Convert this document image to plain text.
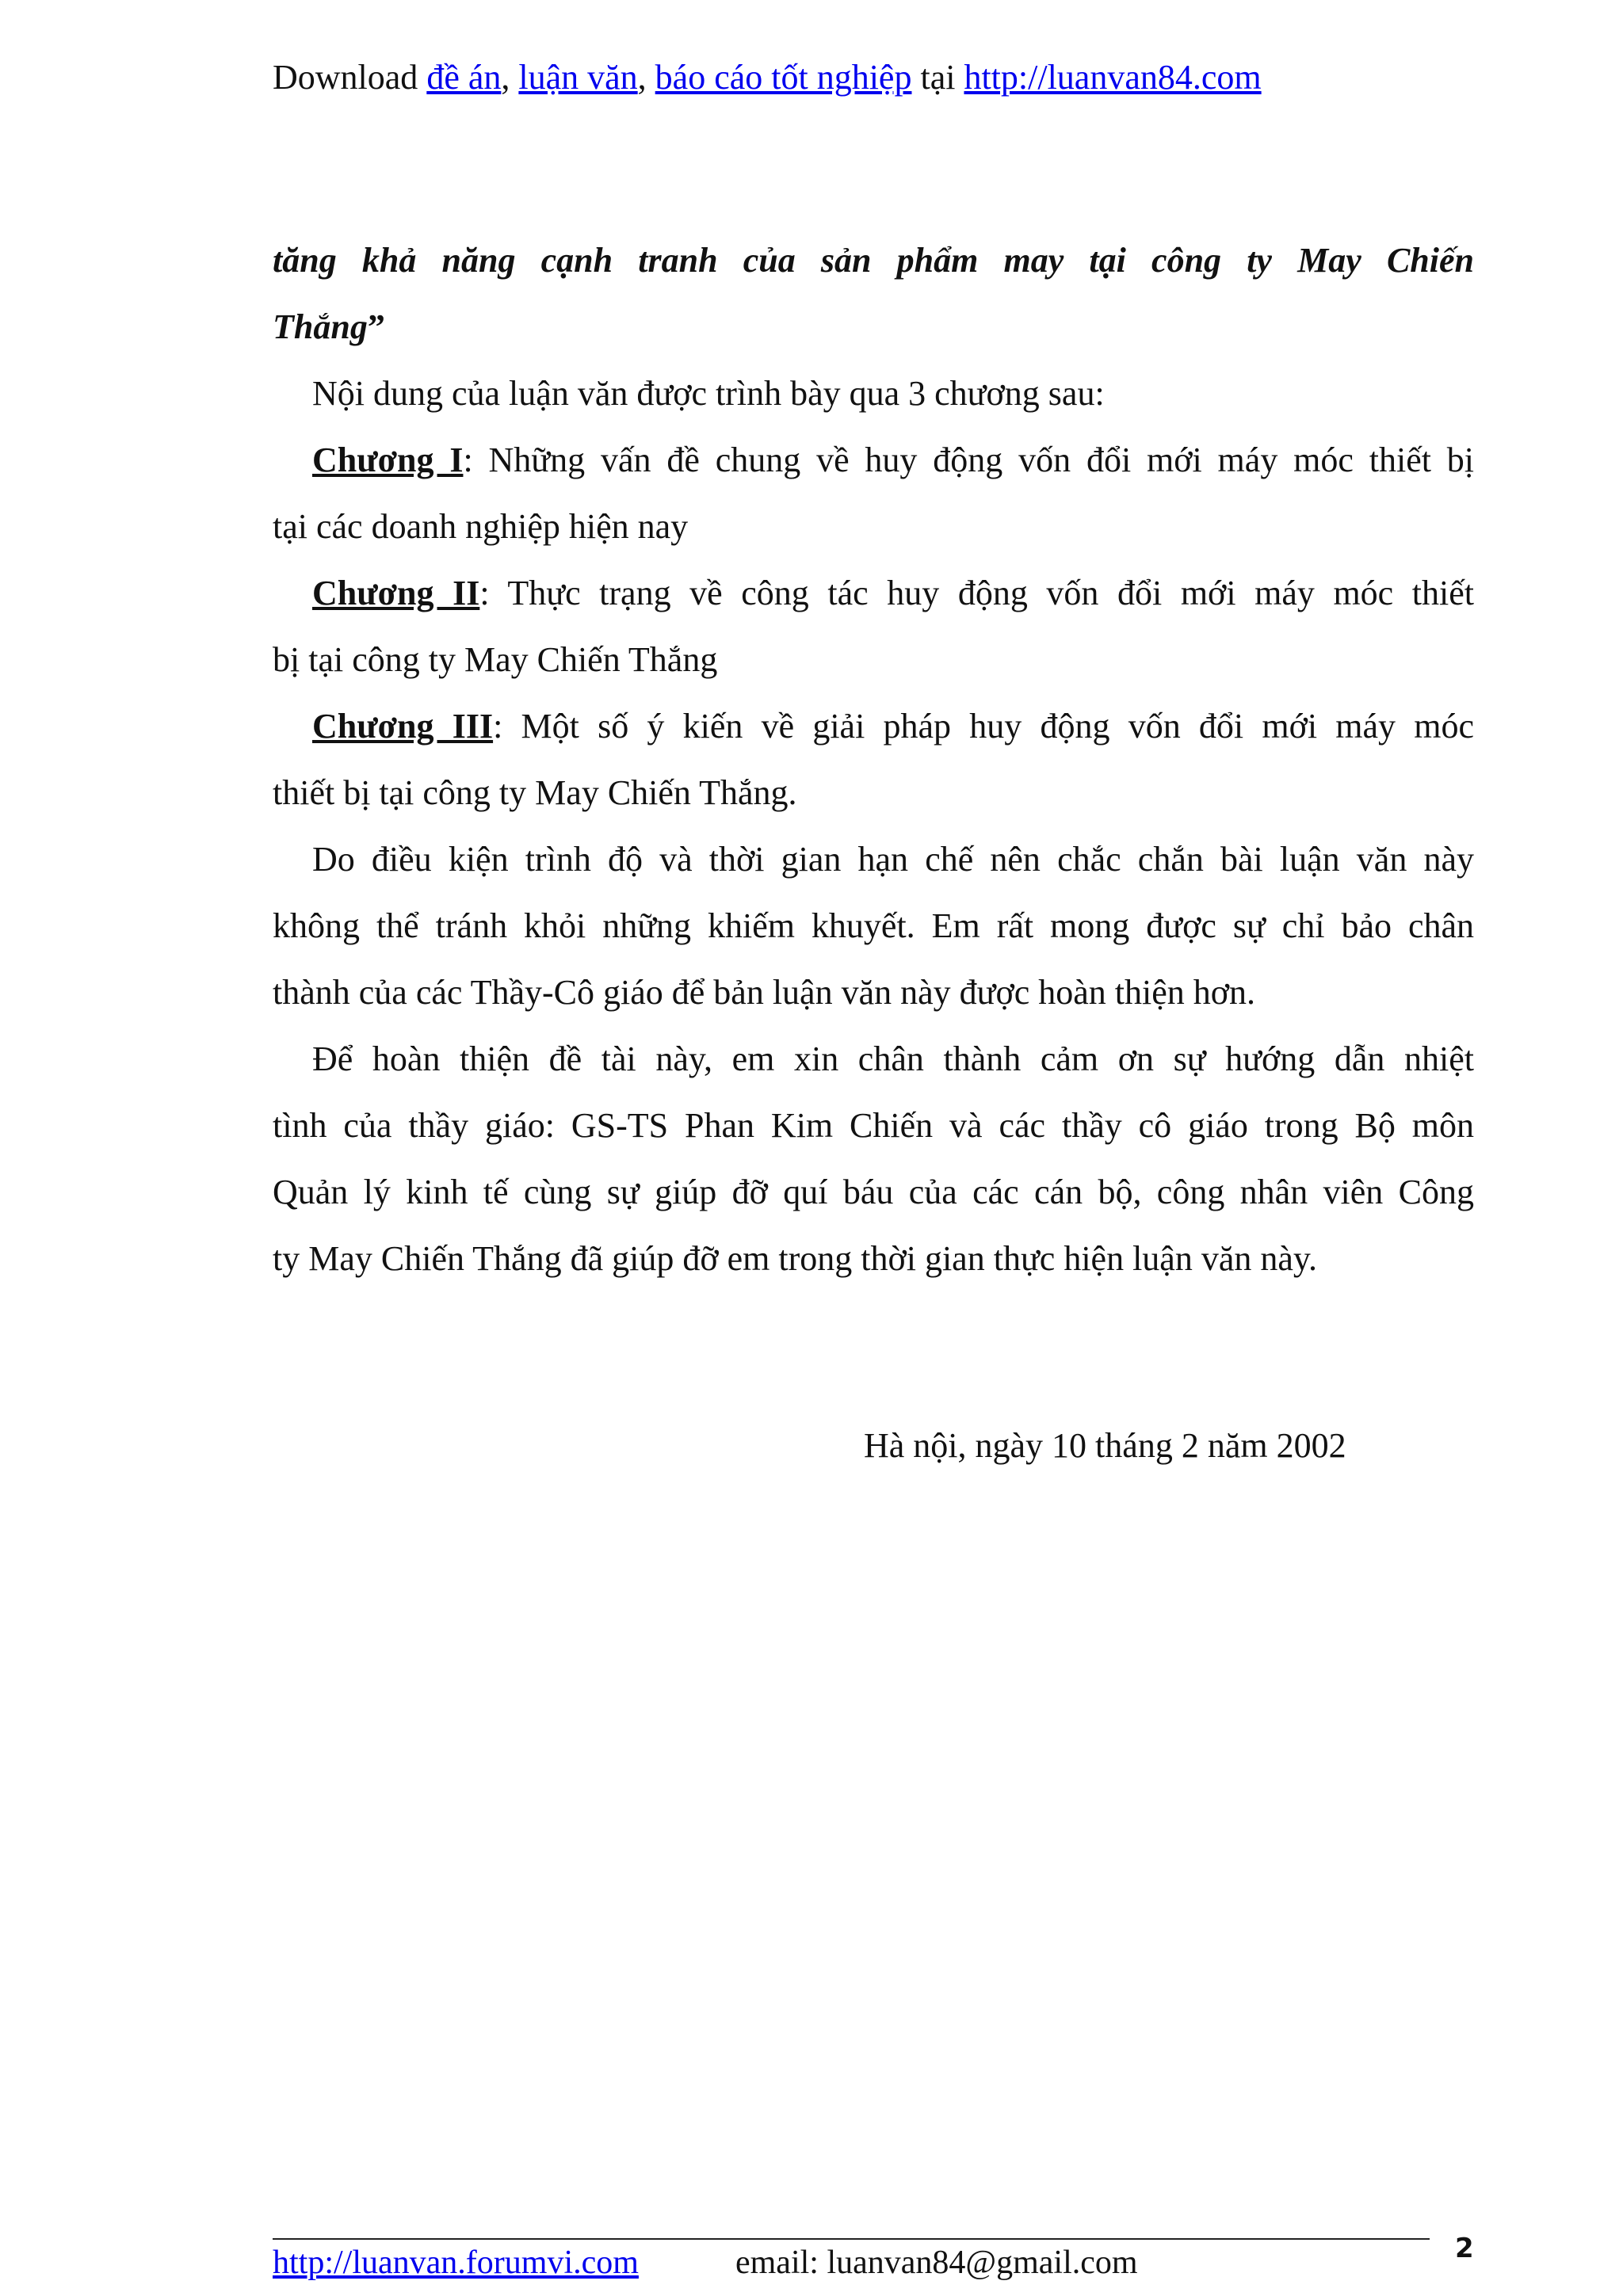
Download đề án, luận văn, báo cáo tốt nghiệp tại http://luanvan84.com
tăng khả năng cạnh tranh của sản phẩm may tại công ty May Chiến
Thắng”
Nội dung của luận văn được trình bày qua 3 chương sau:
Chương I: Những vấn đề chung về huy động vốn đổi mới máy móc thiết bị
tại các doanh nghiệp hiện nay
Chương II: Thực trạng về công tác huy động vốn đổi mới máy móc thiết
bị tại công ty May Chiến Thắng
Chương III: Một số ý kiến về giải pháp huy động vốn đổi mới máy móc
thiết bị tại công ty May Chiến Thắng.
Do điều kiện trình độ và thời gian hạn chế nên chắc chắn bài luận văn này
không thể tránh khỏi những khiếm khuyết. Em rất mong được sự chỉ bảo chân
thành của các Thầy-Cô giáo để bản luận văn này được hoàn thiện hơn.
Để hoàn thiện đề tài này, em xin chân thành cảm ơn sự hướng dẫn nhiệt
tình của thầy giáo: GS-TS Phan Kim Chiến và các thầy cô giáo trong Bộ môn
Quản lý kinh tế cùng sự giúp đỡ quí báu của các cán bộ, công nhân viên Công
ty May Chiến Thắng đã giúp đỡ em trong thời gian thực hiện luận văn này.
Hà nội, ngày 10 tháng 2 năm 2002
http://luanvan.forumvi.com	email: luanvan84@gmail.com	2
